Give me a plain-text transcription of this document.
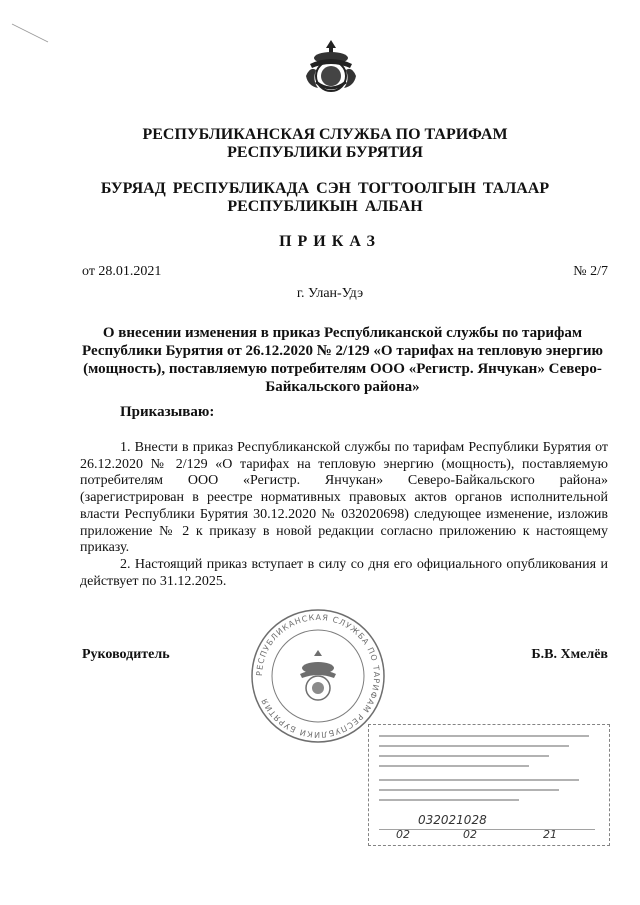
РЕСПУБЛИКАНСКАЯ СЛУЖБА ПО ТАРИФАМ РЕСПУБЛИКИ БУРЯТИЯ
БУРЯАД РЕСПУБЛИКАДА СЭН ТОГТООЛГЫН ТАЛААР РЕСПУБЛИКЫН АЛБАН
ПРИКАЗ
от 28.01.2021	№ 2/7
г. Улан-Удэ
О внесении изменения в приказ Республиканской службы по тарифам Республики Бурятия от 26.12.2020 № 2/129 «О тарифах на тепловую энергию (мощность), поставляемую потребителям ООО «Регистр. Янчукан» Северо-Байкальского района»
Приказываю:

1. Внести в приказ Республиканской службы по тарифам Республики Бурятия от 26.12.2020 № 2/129 «О тарифах на тепловую энергию (мощность), поставляемую потребителям ООО «Регистр. Янчукан» Северо-Байкальского района» (зарегистрирован в реестре нормативных правовых актов органов исполнительной власти Республики Бурятия 30.12.2020 № 032020698) следующее изменение, изложив приложение № 2 к приказу в новой редакции согласно приложению к настоящему приказу.

2. Настоящий приказ вступает в силу со дня его официального опубликования и действует по 31.12.2025.

РЕСПУБЛИКАНСКАЯ СЛУЖБА ПО ТАРИФАМ РЕСПУБЛИКИ БУРЯТИЯ
Руководитель	Б.В. Хмелёв
032021028
02	02	21
